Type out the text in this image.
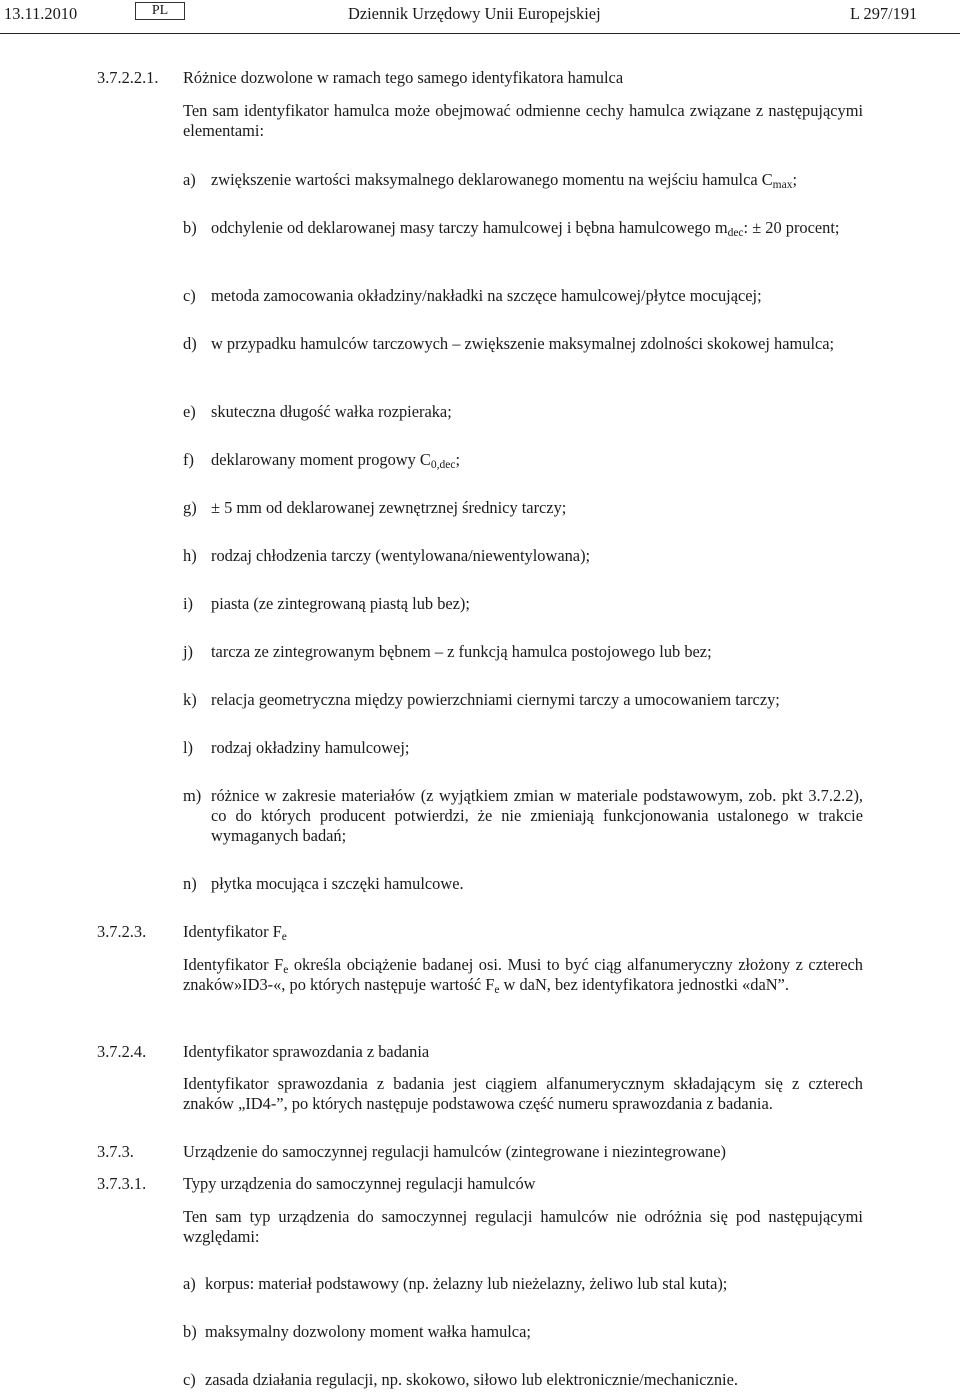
13.11.2010	PL	Dziennik Urzędowy Unii Europejskiej	L 297/191
3.7.2.2.1. Różnice dozwolone w ramach tego samego identyfikatora hamulca
Ten sam identyfikator hamulca może obejmować odmienne cechy hamulca związane z następującymi elementami:
a) zwiększenie wartości maksymalnego deklarowanego momentu na wejściu hamulca $C_{max}$;
b) odchylenie od deklarowanej masy tarczy hamulcowej i bębna hamulcowego $m_{dec}$: ± 20 procent;
c) metoda zamocowania okładziny/nakładki na szczęce hamulcowej/płytce mocującej;
d) w przypadku hamulców tarczowych – zwiększenie maksymalnej zdolności skokowej hamulca;
e) skuteczna długość wałka rozpieraka;
f) deklarowany moment progowy $C_{0,dec}$;
g) ± 5 mm od deklarowanej zewnętrznej średnicy tarczy;
h) rodzaj chłodzenia tarczy (wentylowana/niewentylowana);
i) piasta (ze zintegrowaną piastą lub bez);
j) tarcza ze zintegrowanym bębnem – z funkcją hamulca postojowego lub bez;
k) relacja geometryczna między powierzchniami ciernymi tarczy a umocowaniem tarczy;
l) rodzaj okładziny hamulcowej;
m) różnice w zakresie materiałów (z wyjątkiem zmian w materiale podstawowym, zob. pkt 3.7.2.2), co do których producent potwierdzi, że nie zmieniają funkcjonowania ustalonego w trakcie wymaganych badań;
n) płytka mocująca i szczęki hamulcowe.
3.7.2.3. Identyfikator $F_e$
Identyfikator $F_e$ określa obciążenie badanej osi. Musi to być ciąg alfanumeryczny złożony z czterech znaków»ID3-«, po których następuje wartość $F_e$ w daN, bez identyfikatora jednostki «daN”.
3.7.2.4. Identyfikator sprawozdania z badania
Identyfikator sprawozdania z badania jest ciągiem alfanumerycznym składającym się z czterech znaków „ID4-”, po których następuje podstawowa część numeru sprawozdania z badania.
3.7.3.	Urządzenie do samoczynnej regulacji hamulców (zintegrowane i niezintegrowane)
3.7.3.1. Typy urządzenia do samoczynnej regulacji hamulców
Ten sam typ urządzenia do samoczynnej regulacji hamulców nie odróżnia się pod następującymi względami:
a) korpus: materiał podstawowy (np. żelazny lub nieżelazny, żeliwo lub stal kuta);
b) maksymalny dozwolony moment wałka hamulca;
c) zasada działania regulacji, np. skokowo, siłowo lub elektronicznie/mechanicznie.
